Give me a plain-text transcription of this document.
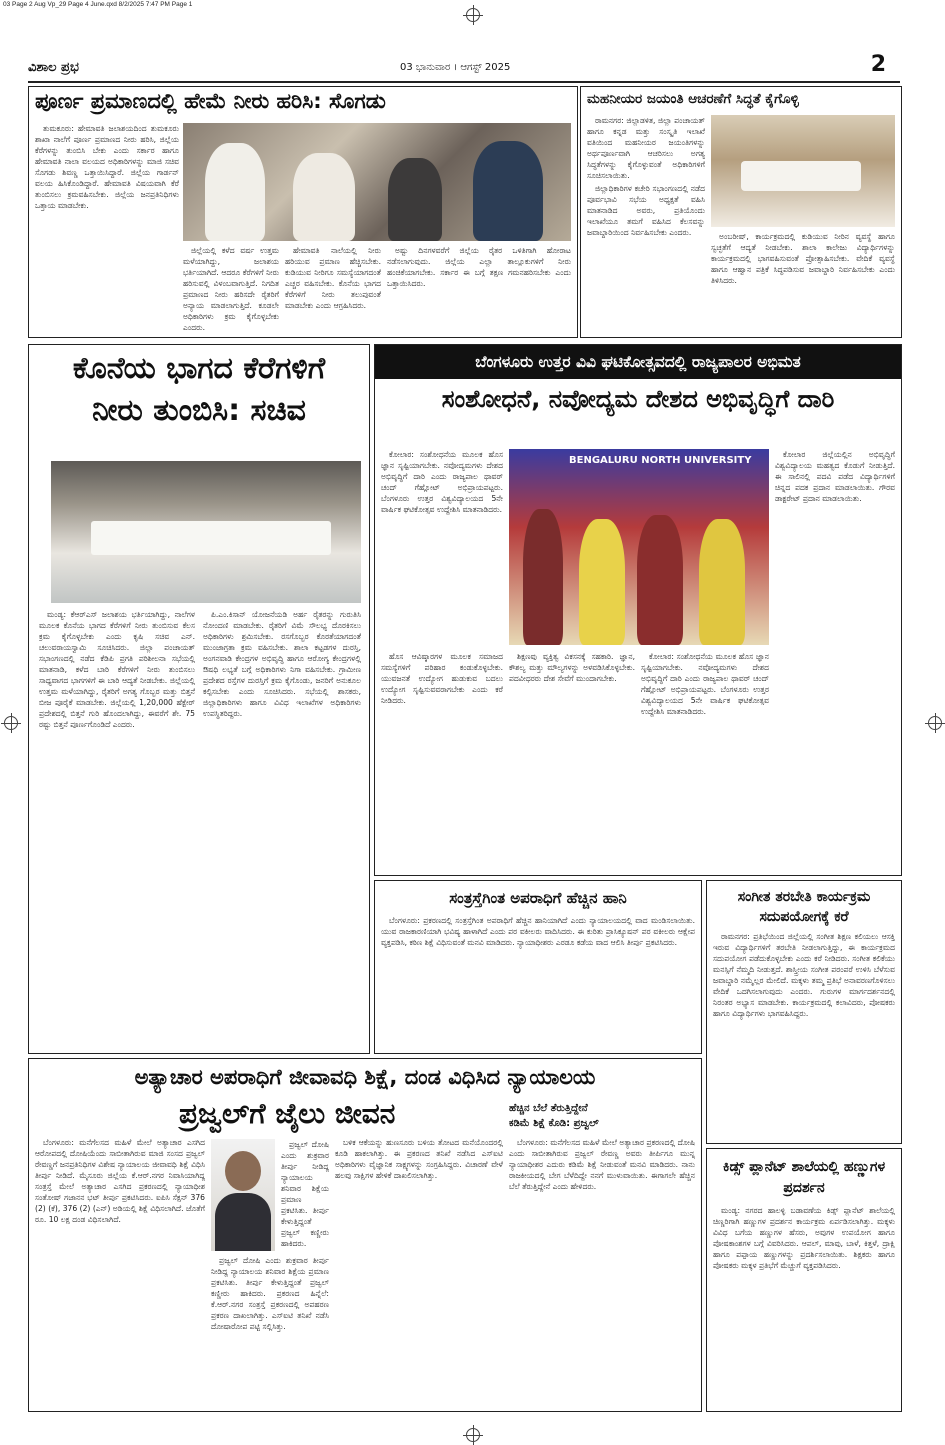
03 Page 2 Aug Vp_29 Page 4 June.qxd 8/2/2025 7:47 PM Page 1
ವಿಶಾಲ ಪ್ರಭ	03 ಭಾನುವಾರ । ಆಗಸ್ಟ್ 2025	2
ಪೂರ್ಣ ಪ್ರಮಾಣದಲ್ಲಿ ಹೇಮೆ ನೀರು ಹರಿಸಿ: ಸೊಗಡು

ತುಮಕೂರು: ಹೇಮಾವತಿ ಜಲಾಶಯದಿಂದ ತುಮಕೂರು ಶಾಖಾ ನಾಲೆಗೆ ಪೂರ್ಣ ಪ್ರಮಾಣದ ನೀರು ಹರಿಸಿ, ಜಿಲ್ಲೆಯ ಕೆರೆಗಳನ್ನು ತುಂಬಿಸಿ ಬೇಕು ಎಂದು ಸರ್ಕಾರ ಹಾಗೂ ಹೇಮಾವತಿ ನಾಲಾ ವಲಯದ ಅಧಿಕಾರಿಗಳನ್ನು ಮಾಜಿ ಸಚಿವ ಸೊಗಡು ಶಿವಣ್ಣ ಒತ್ತಾಯಿಸಿದ್ದಾರೆ. ಜಿಲ್ಲೆಯ ಗಾರ್ಡನ್ ವಲಯ ಹಿಸಿಕೊಂಡಿದ್ದಾರೆ. ಹೇಮಾವತಿ ವಿಷಯವಾಗಿ ಕೆರೆ ತುಂಬಿಸಲು ಕ್ರಮವಹಿಸಬೇಕು. ಜಿಲ್ಲೆಯ ಜನಪ್ರತಿನಿಧಿಗಳು ಒತ್ತಾಯ ಮಾಡಬೇಕು.

ಜಿಲ್ಲೆಯಲ್ಲಿ ಕಳೆದ ವರ್ಷ ಉತ್ತಮ ಮಳೆಯಾಗಿದ್ದು, ಜಲಾಶಯ ಭರ್ತಿಯಾಗಿದೆ. ಆದರೂ ಕೆರೆಗಳಿಗೆ ನೀರು ಹರಿಸುವಲ್ಲಿ ವಿಳಂಬವಾಗುತ್ತಿದೆ. ನಿಗದಿತ ಪ್ರಮಾಣದ ನೀರು ಹರಿಸದೇ ರೈತರಿಗೆ ಅನ್ಯಾಯ ಮಾಡಲಾಗುತ್ತಿದೆ. ಕೂಡಲೇ ಅಧಿಕಾರಿಗಳು ಕ್ರಮ ಕೈಗೊಳ್ಳಬೇಕು ಎಂದರು.

ಹೇಮಾವತಿ ನಾಲೆಯಲ್ಲಿ ನೀರು ಹರಿಯುವ ಪ್ರಮಾಣ ಹೆಚ್ಚಿಸಬೇಕು. ಕುಡಿಯುವ ನೀರಿಗೂ ಸಮಸ್ಯೆಯಾಗದಂತೆ ಎಚ್ಚರ ವಹಿಸಬೇಕು. ಕೊನೆಯ ಭಾಗದ ಕೆರೆಗಳಿಗೆ ನೀರು ತಲುಪುವಂತೆ ಮಾಡಬೇಕು ಎಂದು ಆಗ್ರಹಿಸಿದರು.

ಅಷ್ಟು ದಿನಗಳವರೆಗೆ ಜಿಲ್ಲೆಯ ರೈತರ ಒಳಿತಿಗಾಗಿ ಹೋರಾಟ ನಡೆಸಲಾಗುವುದು. ಜಿಲ್ಲೆಯ ಎಲ್ಲಾ ತಾಲ್ಲೂಕುಗಳಿಗೆ ನೀರು ಹಂಚಿಕೆಯಾಗಬೇಕು. ಸರ್ಕಾರ ಈ ಬಗ್ಗೆ ತಕ್ಷಣ ಗಮನಹರಿಸಬೇಕು ಎಂದು ಒತ್ತಾಯಿಸಿದರು.

ಮಹನೀಯರ ಜಯಂತಿ ಆಚರಣೆಗೆ ಸಿದ್ಧತೆ ಕೈಗೊಳ್ಳಿ

ರಾಮನಗರ: ಜಿಲ್ಲಾಡಳಿತ, ಜಿಲ್ಲಾ ಪಂಚಾಯತ್ ಹಾಗೂ ಕನ್ನಡ ಮತ್ತು ಸಂಸ್ಕೃತಿ ಇಲಾಖೆ ವತಿಯಿಂದ ಮಹನೀಯರ ಜಯಂತಿಗಳನ್ನು ಅರ್ಥಪೂರ್ಣವಾಗಿ ಆಚರಿಸಲು ಅಗತ್ಯ ಸಿದ್ಧತೆಗಳನ್ನು ಕೈಗೊಳ್ಳುವಂತೆ ಅಧಿಕಾರಿಗಳಿಗೆ ಸೂಚಿಸಲಾಯಿತು.

ಜಿಲ್ಲಾಧಿಕಾರಿಗಳ ಕಚೇರಿ ಸಭಾಂಗಣದಲ್ಲಿ ನಡೆದ ಪೂರ್ವಭಾವಿ ಸಭೆಯ ಅಧ್ಯಕ್ಷತೆ ವಹಿಸಿ ಮಾತನಾಡಿದ ಅವರು, ಪ್ರತಿಯೊಂದು ಇಲಾಖೆಯೂ ತಮಗೆ ವಹಿಸಿದ ಕೆಲಸವನ್ನು ಜವಾಬ್ದಾರಿಯಿಂದ ನಿರ್ವಹಿಸಬೇಕು ಎಂದರು.	ಅಂಬರೀಷ್, ಕಾರ್ಯಕ್ರಮದಲ್ಲಿ ಕುಡಿಯುವ ನೀರಿನ ವ್ಯವಸ್ಥೆ ಹಾಗೂ ಸ್ವಚ್ಛತೆಗೆ ಆದ್ಯತೆ ನೀಡಬೇಕು. ಶಾಲಾ ಕಾಲೇಜು ವಿದ್ಯಾರ್ಥಿಗಳನ್ನು ಕಾರ್ಯಕ್ರಮದಲ್ಲಿ ಭಾಗವಹಿಸುವಂತೆ ಪ್ರೋತ್ಸಾಹಿಸಬೇಕು. ವೇದಿಕೆ ವ್ಯವಸ್ಥೆ ಹಾಗೂ ಆಹ್ವಾನ ಪತ್ರಿಕೆ ಸಿದ್ಧಪಡಿಸುವ ಜವಾಬ್ದಾರಿ ನಿರ್ವಹಿಸಬೇಕು ಎಂದು ತಿಳಿಸಿದರು.

ಕೊನೆಯ ಭಾಗದ ಕೆರೆಗಳಿಗೆ
ನೀರು ತುಂಬಿಸಿ: ಸಚಿವ

ಮಂಡ್ಯ: ಕೆಆರ್‌ಎಸ್ ಜಲಾಶಯ ಭರ್ತಿಯಾಗಿದ್ದು, ನಾಲೆಗಳ ಮೂಲಕ ಕೊನೆಯ ಭಾಗದ ಕೆರೆಗಳಿಗೆ ನೀರು ತುಂಬಿಸುವ ಕೆಲಸ ಕ್ರಮ ಕೈಗೊಳ್ಳಬೇಕು ಎಂದು ಕೃಷಿ ಸಚಿವ ಎನ್. ಚಲುವರಾಯಸ್ವಾಮಿ ಸೂಚಿಸಿದರು. ಜಿಲ್ಲಾ ಪಂಚಾಯತ್ ಸಭಾಂಗಣದಲ್ಲಿ ನಡೆದ ಕೆಡಿಪಿ ಪ್ರಗತಿ ಪರಿಶೀಲನಾ ಸಭೆಯಲ್ಲಿ ಮಾತನಾಡಿ, ಕಳೆದ ಬಾರಿ ಕೆರೆಗಳಿಗೆ ನೀರು ತುಂಬಿಸಲು ಸಾಧ್ಯವಾಗದ ಭಾಗಗಳಿಗೆ ಈ ಬಾರಿ ಆದ್ಯತೆ ನೀಡಬೇಕು. ಜಿಲ್ಲೆಯಲ್ಲಿ ಉತ್ತಮ ಮಳೆಯಾಗಿದ್ದು, ರೈತರಿಗೆ ಅಗತ್ಯ ಗೊಬ್ಬರ ಮತ್ತು ಬಿತ್ತನೆ ಬೀಜ ಪೂರೈಕೆ ಮಾಡಬೇಕು. ಜಿಲ್ಲೆಯಲ್ಲಿ 1,20,000 ಹೆಕ್ಟೇರ್ ಪ್ರದೇಶದಲ್ಲಿ ಬಿತ್ತನೆ ಗುರಿ ಹೊಂದಲಾಗಿದ್ದು, ಈವರೆಗೆ ಶೇ. 75 ರಷ್ಟು ಬಿತ್ತನೆ ಪೂರ್ಣಗೊಂಡಿದೆ ಎಂದರು.

ಪಿ.ಎಂ.ಕಿಸಾನ್ ಯೋಜನೆಯಡಿ ಅರ್ಹ ರೈತರನ್ನು ಗುರುತಿಸಿ ನೋಂದಣಿ ಮಾಡಬೇಕು. ರೈತರಿಗೆ ವಿಮೆ ಸೌಲಭ್ಯ ದೊರಕಿಸಲು ಅಧಿಕಾರಿಗಳು ಶ್ರಮಿಸಬೇಕು. ರಸಗೊಬ್ಬರ ಕೊರತೆಯಾಗದಂತೆ ಮುಂಜಾಗ್ರತಾ ಕ್ರಮ ವಹಿಸಬೇಕು. ಶಾಲಾ ಕಟ್ಟಡಗಳ ದುರಸ್ತಿ, ಅಂಗನವಾಡಿ ಕೇಂದ್ರಗಳ ಅಭಿವೃದ್ಧಿ ಹಾಗೂ ಆರೋಗ್ಯ ಕೇಂದ್ರಗಳಲ್ಲಿ ಔಷಧಿ ಲಭ್ಯತೆ ಬಗ್ಗೆ ಅಧಿಕಾರಿಗಳು ನಿಗಾ ವಹಿಸಬೇಕು. ಗ್ರಾಮೀಣ ಪ್ರದೇಶದ ರಸ್ತೆಗಳ ದುರಸ್ತಿಗೆ ಕ್ರಮ ಕೈಗೊಂಡು, ಜನರಿಗೆ ಅನುಕೂಲ ಕಲ್ಪಿಸಬೇಕು ಎಂದು ಸೂಚಿಸಿದರು. ಸಭೆಯಲ್ಲಿ ಶಾಸಕರು, ಜಿಲ್ಲಾಧಿಕಾರಿಗಳು ಹಾಗೂ ವಿವಿಧ ಇಲಾಖೆಗಳ ಅಧಿಕಾರಿಗಳು ಉಪಸ್ಥಿತರಿದ್ದರು.

ಬೆಂಗಳೂರು ಉತ್ತರ ವಿವಿ ಘಟಿಕೋತ್ಸವದಲ್ಲಿ ರಾಜ್ಯಪಾಲರ ಅಭಿಮತ
ಸಂಶೋಧನೆ, ನವೋದ್ಯಮ ದೇಶದ ಅಭಿವೃದ್ಧಿಗೆ ದಾರಿ

ಕೋಲಾರ: ಸಂಶೋಧನೆಯ ಮೂಲಕ ಹೊಸ ಜ್ಞಾನ ಸೃಷ್ಟಿಯಾಗಬೇಕು. ನವೋದ್ಯಮಗಳು ದೇಶದ ಅಭಿವೃದ್ಧಿಗೆ ದಾರಿ ಎಂದು ರಾಜ್ಯಪಾಲ ಥಾವರ್ ಚಂದ್ ಗೆಹ್ಲೋಟ್ ಅಭಿಪ್ರಾಯಪಟ್ಟರು. ಬೆಂಗಳೂರು ಉತ್ತರ ವಿಶ್ವವಿದ್ಯಾಲಯದ 5ನೇ ವಾರ್ಷಿಕ ಘಟಿಕೋತ್ಸವ ಉದ್ದೇಶಿಸಿ ಮಾತನಾಡಿದರು.

BENGALURU NORTH UNIVERSITY

ಕೋಲಾರ ಜಿಲ್ಲೆಯಲ್ಲಿನ ಅಭಿವೃದ್ಧಿಗೆ ವಿಶ್ವವಿದ್ಯಾಲಯ ಮಹತ್ವದ ಕೊಡುಗೆ ನೀಡುತ್ತಿದೆ. ಈ ಸಾಲಿನಲ್ಲಿ ಪದವಿ ಪಡೆದ ವಿದ್ಯಾರ್ಥಿಗಳಿಗೆ ಚಿನ್ನದ ಪದಕ ಪ್ರದಾನ ಮಾಡಲಾಯಿತು. ಗೌರವ ಡಾಕ್ಟರೇಟ್ ಪ್ರದಾನ ಮಾಡಲಾಯಿತು.

ಹೊಸ ಆವಿಷ್ಕಾರಗಳ ಮೂಲಕ ಸಮಾಜದ ಸಮಸ್ಯೆಗಳಿಗೆ ಪರಿಹಾರ ಕಂಡುಕೊಳ್ಳಬೇಕು. ಯುವಜನತೆ ಉದ್ಯೋಗ ಹುಡುಕುವ ಬದಲು ಉದ್ಯೋಗ ಸೃಷ್ಟಿಸುವವರಾಗಬೇಕು ಎಂದು ಕರೆ ನೀಡಿದರು.

ಶಿಕ್ಷಣವು ವ್ಯಕ್ತಿತ್ವ ವಿಕಸನಕ್ಕೆ ಸಹಕಾರಿ. ಜ್ಞಾನ, ಕೌಶಲ್ಯ ಮತ್ತು ಮೌಲ್ಯಗಳನ್ನು ಅಳವಡಿಸಿಕೊಳ್ಳಬೇಕು. ಪದವೀಧರರು ದೇಶ ಸೇವೆಗೆ ಮುಂದಾಗಬೇಕು.

ಕೋಲಾರ: ಸಂಶೋಧನೆಯ ಮೂಲಕ ಹೊಸ ಜ್ಞಾನ ಸೃಷ್ಟಿಯಾಗಬೇಕು. ನವೋದ್ಯಮಗಳು ದೇಶದ ಅಭಿವೃದ್ಧಿಗೆ ದಾರಿ ಎಂದು ರಾಜ್ಯಪಾಲ ಥಾವರ್ ಚಂದ್ ಗೆಹ್ಲೋಟ್ ಅಭಿಪ್ರಾಯಪಟ್ಟರು. ಬೆಂಗಳೂರು ಉತ್ತರ ವಿಶ್ವವಿದ್ಯಾಲಯದ 5ನೇ ವಾರ್ಷಿಕ ಘಟಿಕೋತ್ಸವ ಉದ್ದೇಶಿಸಿ ಮಾತನಾಡಿದರು.

ಸಂತ್ರಸ್ತೆಗಿಂತ ಅಪರಾಧಿಗೆ ಹೆಚ್ಚಿನ ಹಾನಿ

ಬೆಂಗಳೂರು: ಪ್ರಕರಣದಲ್ಲಿ ಸಂತ್ರಸ್ತೆಗಿಂತ ಅಪರಾಧಿಗೆ ಹೆಚ್ಚಿನ ಹಾನಿಯಾಗಿದೆ ಎಂದು ನ್ಯಾಯಾಲಯದಲ್ಲಿ ವಾದ ಮಂಡಿಸಲಾಯಿತು. ಯುವ ರಾಜಕಾರಣಿಯಾಗಿ ಭವಿಷ್ಯ ಹಾಳಾಗಿದೆ ಎಂದು ಪರ ವಕೀಲರು ವಾದಿಸಿದರು. ಈ ಕುರಿತು ಪ್ರಾಸಿಕ್ಯೂಷನ್ ಪರ ವಕೀಲರು ಆಕ್ಷೇಪ ವ್ಯಕ್ತಪಡಿಸಿ, ಕಠಿಣ ಶಿಕ್ಷೆ ವಿಧಿಸುವಂತೆ ಮನವಿ ಮಾಡಿದರು. ನ್ಯಾಯಾಧೀಶರು ಎರಡೂ ಕಡೆಯ ವಾದ ಆಲಿಸಿ ತೀರ್ಪು ಪ್ರಕಟಿಸಿದರು.

ಸಂಗೀತ ತರಬೇತಿ ಕಾರ್ಯಕ್ರಮ ಸದುಪಯೋಗಕ್ಕೆ ಕರೆ

ರಾಮನಗರ: ಪ್ರತಿಭೆಯಿಂದ ಜಿಲ್ಲೆಯಲ್ಲಿ ಸಂಗೀತ ಶಿಕ್ಷಣ ಕಲಿಯಲು ಆಸಕ್ತಿ ಇರುವ ವಿದ್ಯಾರ್ಥಿಗಳಿಗೆ ತರಬೇತಿ ನೀಡಲಾಗುತ್ತಿದ್ದು, ಈ ಕಾರ್ಯಕ್ರಮದ ಸದುಪಯೋಗ ಪಡೆದುಕೊಳ್ಳಬೇಕು ಎಂದು ಕರೆ ನೀಡಿದರು. ಸಂಗೀತ ಕಲಿಕೆಯು ಮನಸ್ಸಿಗೆ ನೆಮ್ಮದಿ ನೀಡುತ್ತದೆ. ಶಾಸ್ತ್ರೀಯ ಸಂಗೀತ ಪರಂಪರೆ ಉಳಿಸಿ ಬೆಳೆಸುವ ಜವಾಬ್ದಾರಿ ನಮ್ಮೆಲ್ಲರ ಮೇಲಿದೆ. ಮಕ್ಕಳು ತಮ್ಮ ಪ್ರತಿಭೆ ಅನಾವರಣಗೊಳಿಸಲು ವೇದಿಕೆ ಒದಗಿಸಲಾಗುವುದು ಎಂದರು. ಗುರುಗಳ ಮಾರ್ಗದರ್ಶನದಲ್ಲಿ ನಿರಂತರ ಅಭ್ಯಾಸ ಮಾಡಬೇಕು. ಕಾರ್ಯಕ್ರಮದಲ್ಲಿ ಕಲಾವಿದರು, ಪೋಷಕರು ಹಾಗೂ ವಿದ್ಯಾರ್ಥಿಗಳು ಭಾಗವಹಿಸಿದ್ದರು.

ಕಿಡ್ಸ್ ಪ್ಲಾನೆಟ್ ಶಾಲೆಯಲ್ಲಿ ಹಣ್ಣುಗಳ ಪ್ರದರ್ಶನ

ಮಂಡ್ಯ: ನಗರದ ಹಾಲಳ್ಳಿ ಬಡಾವಣೆಯ ಕಿಡ್ಸ್ ಪ್ಲಾನೆಟ್ ಶಾಲೆಯಲ್ಲಿ ಚಿಣ್ಣರಿಗಾಗಿ ಹಣ್ಣುಗಳ ಪ್ರದರ್ಶನ ಕಾರ್ಯಕ್ರಮ ಏರ್ಪಡಿಸಲಾಗಿತ್ತು. ಮಕ್ಕಳು ವಿವಿಧ ಬಗೆಯ ಹಣ್ಣುಗಳ ಹೆಸರು, ಅವುಗಳ ಉಪಯೋಗ ಹಾಗೂ ಪೋಷಕಾಂಶಗಳ ಬಗ್ಗೆ ವಿವರಿಸಿದರು. ಆಪಲ್, ಮಾವು, ಬಾಳೆ, ಕಿತ್ತಳೆ, ದ್ರಾಕ್ಷಿ ಹಾಗೂ ಪಪ್ಪಾಯ ಹಣ್ಣುಗಳನ್ನು ಪ್ರದರ್ಶಿಸಲಾಯಿತು. ಶಿಕ್ಷಕರು ಹಾಗೂ ಪೋಷಕರು ಮಕ್ಕಳ ಪ್ರತಿಭೆಗೆ ಮೆಚ್ಚುಗೆ ವ್ಯಕ್ತಪಡಿಸಿದರು.

ಅತ್ಯಾಚಾರ ಅಪರಾಧಿಗೆ ಜೀವಾವಧಿ ಶಿಕ್ಷೆ, ದಂಡ ವಿಧಿಸಿದ ನ್ಯಾಯಾಲಯ
ಪ್ರಜ್ವಲ್‌ಗೆ ಜೈಲು ಜೀವನ	ಹೆಚ್ಚಿನ ಬೆಲೆ ತೆರುತ್ತಿದ್ದೇನೆ
ಕಡಿಮೆ ಶಿಕ್ಷೆ ಕೊಡಿ: ಪ್ರಜ್ವಲ್

ಬೆಂಗಳೂರು: ಮನೆಗೆಲಸದ ಮಹಿಳೆ ಮೇಲೆ ಅತ್ಯಾಚಾರ ಎಸಗಿದ ಆರೋಪದಲ್ಲಿ ದೋಷಿಯೆಂದು ಸಾಬೀತಾಗಿರುವ ಮಾಜಿ ಸಂಸದ ಪ್ರಜ್ವಲ್ ರೇವಣ್ಣಗೆ ಜನಪ್ರತಿನಿಧಿಗಳ ವಿಶೇಷ ನ್ಯಾಯಾಲಯ ಜೀವಾವಧಿ ಶಿಕ್ಷೆ ವಿಧಿಸಿ ತೀರ್ಪು ನೀಡಿದೆ. ಮೈಸೂರು ಜಿಲ್ಲೆಯ ಕೆ.ಆರ್.ನಗರ ನಿವಾಸಿಯಾಗಿದ್ದ ಸಂತ್ರಸ್ತೆ ಮೇಲೆ ಅತ್ಯಾಚಾರ ಎಸಗಿದ ಪ್ರಕರಣದಲ್ಲಿ ನ್ಯಾಯಾಧೀಶ ಸಂತೋಷ್ ಗಜಾನನ ಭಟ್ ತೀರ್ಪು ಪ್ರಕಟಿಸಿದರು. ಐಪಿಸಿ ಸೆಕ್ಷನ್ 376 (2) (ಕೆ), 376 (2) (ಎನ್) ಅಡಿಯಲ್ಲಿ ಶಿಕ್ಷೆ ವಿಧಿಸಲಾಗಿದೆ. ಜೊತೆಗೆ ರೂ. 10 ಲಕ್ಷ ದಂಡ ವಿಧಿಸಲಾಗಿದೆ.

ಪ್ರಜ್ವಲ್ ದೋಷಿ ಎಂದು ಶುಕ್ರವಾರ ತೀರ್ಪು ನೀಡಿದ್ದ ನ್ಯಾಯಾಲಯ ಶನಿವಾರ ಶಿಕ್ಷೆಯ ಪ್ರಮಾಣ ಪ್ರಕಟಿಸಿತು. ತೀರ್ಪು ಕೇಳುತ್ತಿದ್ದಂತೆ ಪ್ರಜ್ವಲ್ ಕಣ್ಣೀರು ಹಾಕಿದರು.

ಪ್ರಜ್ವಲ್ ದೋಷಿ ಎಂದು ಶುಕ್ರವಾರ ತೀರ್ಪು ನೀಡಿದ್ದ ನ್ಯಾಯಾಲಯ ಶನಿವಾರ ಶಿಕ್ಷೆಯ ಪ್ರಮಾಣ ಪ್ರಕಟಿಸಿತು. ತೀರ್ಪು ಕೇಳುತ್ತಿದ್ದಂತೆ ಪ್ರಜ್ವಲ್ ಕಣ್ಣೀರು ಹಾಕಿದರು. ಪ್ರಕರಣದ ಹಿನ್ನೆಲೆ: ಕೆ.ಆರ್.ನಗರ ಸಂತ್ರಸ್ತೆ ಪ್ರಕರಣದಲ್ಲಿ ಅಪಹರಣ ಪ್ರಕರಣ ದಾಖಲಾಗಿತ್ತು. ಎಸ್‌ಐಟಿ ತನಿಖೆ ನಡೆಸಿ ದೋಷಾರೋಪ ಪಟ್ಟಿ ಸಲ್ಲಿಸಿತ್ತು.

ಬಳಿಕ ಆಕೆಯನ್ನು ಹುಣಸೂರು ಬಳಿಯ ತೋಟದ ಮನೆಯೊಂದರಲ್ಲಿ ಕೂಡಿ ಹಾಕಲಾಗಿತ್ತು. ಈ ಪ್ರಕರಣದ ತನಿಖೆ ನಡೆಸಿದ ಎಸ್‌ಐಟಿ ಅಧಿಕಾರಿಗಳು ವೈಜ್ಞಾನಿಕ ಸಾಕ್ಷ್ಯಗಳನ್ನು ಸಂಗ್ರಹಿಸಿದ್ದರು. ವಿಚಾರಣೆ ವೇಳೆ ಹಲವು ಸಾಕ್ಷಿಗಳ ಹೇಳಿಕೆ ದಾಖಲಿಸಲಾಗಿತ್ತು.

ಬೆಂಗಳೂರು: ಮನೆಗೆಲಸದ ಮಹಿಳೆ ಮೇಲೆ ಅತ್ಯಾಚಾರ ಪ್ರಕರಣದಲ್ಲಿ ದೋಷಿ ಎಂದು ಸಾಬೀತಾಗಿರುವ ಪ್ರಜ್ವಲ್ ರೇವಣ್ಣ ಅವರು ತೀರ್ಪಿಗೂ ಮುನ್ನ ನ್ಯಾಯಾಧೀಶರ ಎದುರು ಕಡಿಮೆ ಶಿಕ್ಷೆ ನೀಡುವಂತೆ ಮನವಿ ಮಾಡಿದರು. ನಾನು ರಾಜಕೀಯದಲ್ಲಿ ಬೇಗ ಬೆಳೆದಿದ್ದೇ ನನಗೆ ಮುಳುವಾಯಿತು. ಈಗಾಗಲೇ ಹೆಚ್ಚಿನ ಬೆಲೆ ತೆರುತ್ತಿದ್ದೇನೆ ಎಂದು ಹೇಳಿದರು.
